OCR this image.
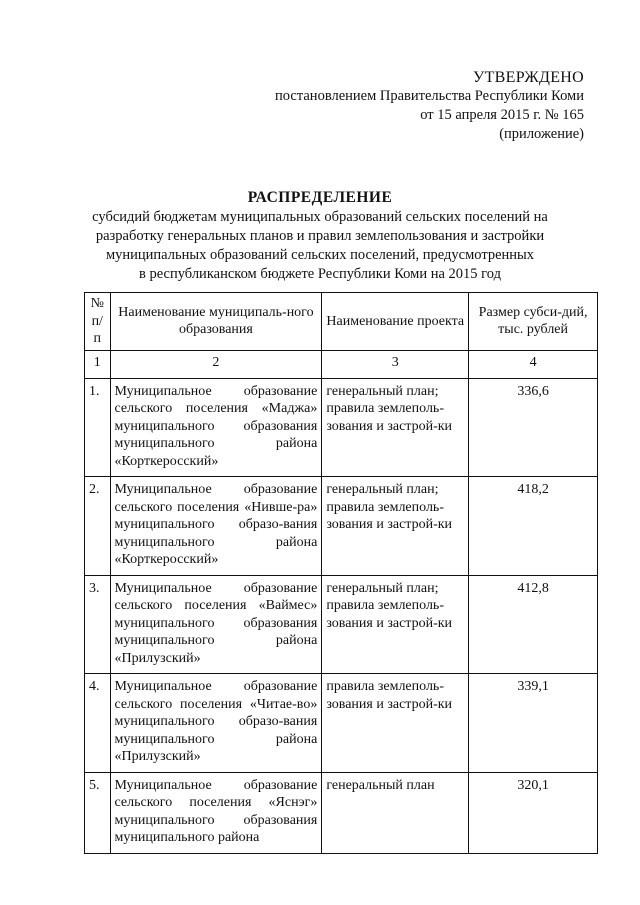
УТВЕРЖДЕНО
постановлением Правительства Республики Коми
от 15 апреля 2015 г. № 165
(приложение)
РАСПРЕДЕЛЕНИЕ
субсидий бюджетам муниципальных образований сельских поселений на
разработку генеральных планов и правил землепользования и застройки
муниципальных образований сельских поселений, предусмотренных
в республиканском бюджете Республики Коми на 2015 год
№ п/п	Наименование муниципаль-ного образования	Наименование проекта	Размер субси-дий, тыс. рублей
1	2	3	4
1.	Муниципальное образование сельского поселения «Маджа» муниципального образования муниципального района «Корткеросский»	генеральный план; правила землеполь-зования и застрой-ки	336,6
2.	Муниципальное образование сельского поселения «Нивше-ра» муниципального образо-вания муниципального района «Корткеросский»	генеральный план; правила землеполь-зования и застрой-ки	418,2
3.	Муниципальное образование сельского поселения «Ваймес» муниципального образования муниципального района «Прилузский»	генеральный план; правила землеполь-зования и застрой-ки	412,8
4.	Муниципальное образование сельского поселения «Читае-во» муниципального образо-вания муниципального района «Прилузский»	правила землеполь-зования и застрой-ки	339,1
5.	Муниципальное образование сельского поселения «Яснэг» муниципального образования муниципального района	генеральный план	320,1
